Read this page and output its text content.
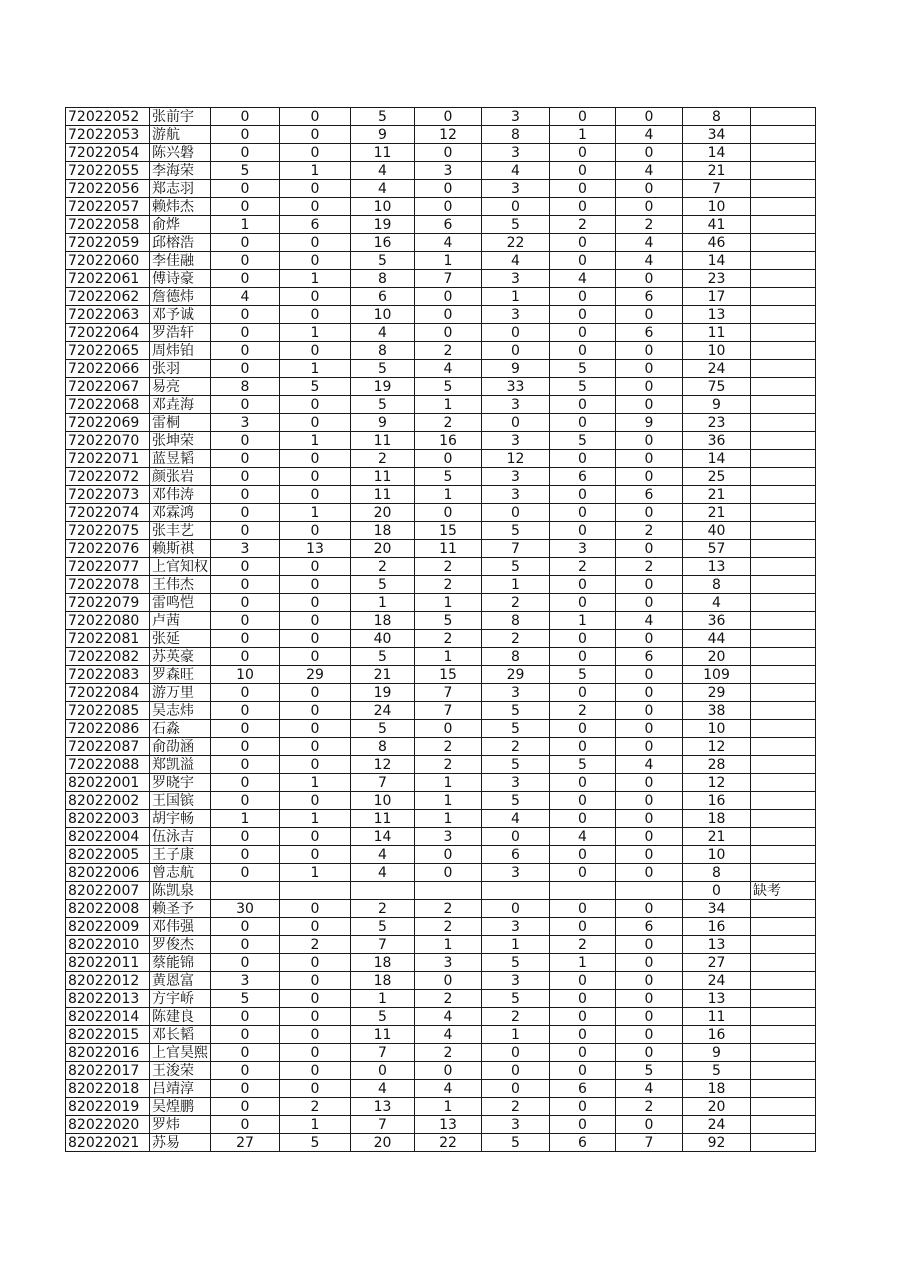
72022052	张前宇	0	0	5	0	3	0	0	8	
72022053	游航	0	0	9	12	8	1	4	34	
72022054	陈兴磐	0	0	11	0	3	0	0	14	
72022055	李海荣	5	1	4	3	4	0	4	21	
72022056	郑志羽	0	0	4	0	3	0	0	7	
72022057	赖炜杰	0	0	10	0	0	0	0	10	
72022058	俞烨	1	6	19	6	5	2	2	41	
72022059	邱榕浩	0	0	16	4	22	0	4	46	
72022060	李佳融	0	0	5	1	4	0	4	14	
72022061	傅诗豪	0	1	8	7	3	4	0	23	
72022062	詹德炜	4	0	6	0	1	0	6	17	
72022063	邓予诚	0	0	10	0	3	0	0	13	
72022064	罗浩轩	0	1	4	0	0	0	6	11	
72022065	周炜铂	0	0	8	2	0	0	0	10	
72022066	张羽	0	1	5	4	9	5	0	24	
72022067	易亮	8	5	19	5	33	5	0	75	
72022068	邓垚海	0	0	5	1	3	0	0	9	
72022069	雷桐	3	0	9	2	0	0	9	23	
72022070	张坤荣	0	1	11	16	3	5	0	36	
72022071	蓝昱韬	0	0	2	0	12	0	0	14	
72022072	颜张岩	0	0	11	5	3	6	0	25	
72022073	邓伟涛	0	0	11	1	3	0	6	21	
72022074	邓霖鸿	0	1	20	0	0	0	0	21	
72022075	张丰艺	0	0	18	15	5	0	2	40	
72022076	赖斯祺	3	13	20	11	7	3	0	57	
72022077	上官知权	0	0	2	2	5	2	2	13	
72022078	王伟杰	0	0	5	2	1	0	0	8	
72022079	雷鸣恺	0	0	1	1	2	0	0	4	
72022080	卢茜	0	0	18	5	8	1	4	36	
72022081	张延	0	0	40	2	2	0	0	44	
72022082	苏英豪	0	0	5	1	8	0	6	20	
72022083	罗森旺	10	29	21	15	29	5	0	109	
72022084	游万里	0	0	19	7	3	0	0	29	
72022085	吴志炜	0	0	24	7	5	2	0	38	
72022086	石淼	0	0	5	0	5	0	0	10	
72022087	俞劭涵	0	0	8	2	2	0	0	12	
72022088	郑凯溢	0	0	12	2	5	5	4	28	
82022001	罗晓宇	0	1	7	1	3	0	0	12	
82022002	王国镔	0	0	10	1	5	0	0	16	
82022003	胡宇畅	1	1	11	1	4	0	0	18	
82022004	伍泳吉	0	0	14	3	0	4	0	21	
82022005	王子康	0	0	4	0	6	0	0	10	
82022006	曾志航	0	1	4	0	3	0	0	8	
82022007	陈凯泉								0	缺考
82022008	赖圣予	30	0	2	2	0	0	0	34	
82022009	邓伟强	0	0	5	2	3	0	6	16	
82022010	罗俊杰	0	2	7	1	1	2	0	13	
82022011	蔡能锦	0	0	18	3	5	1	0	27	
82022012	黄恩富	3	0	18	0	3	0	0	24	
82022013	方宇峤	5	0	1	2	5	0	0	13	
82022014	陈建良	0	0	5	4	2	0	0	11	
82022015	邓长韬	0	0	11	4	1	0	0	16	
82022016	上官昊熙	0	0	7	2	0	0	0	9	
82022017	王浚荣	0	0	0	0	0	0	5	5	
82022018	吕靖淳	0	0	4	4	0	6	4	18	
82022019	吴煌鹏	0	2	13	1	2	0	2	20	
82022020	罗炜	0	1	7	13	3	0	0	24	
82022021	苏易	27	5	20	22	5	6	7	92	
